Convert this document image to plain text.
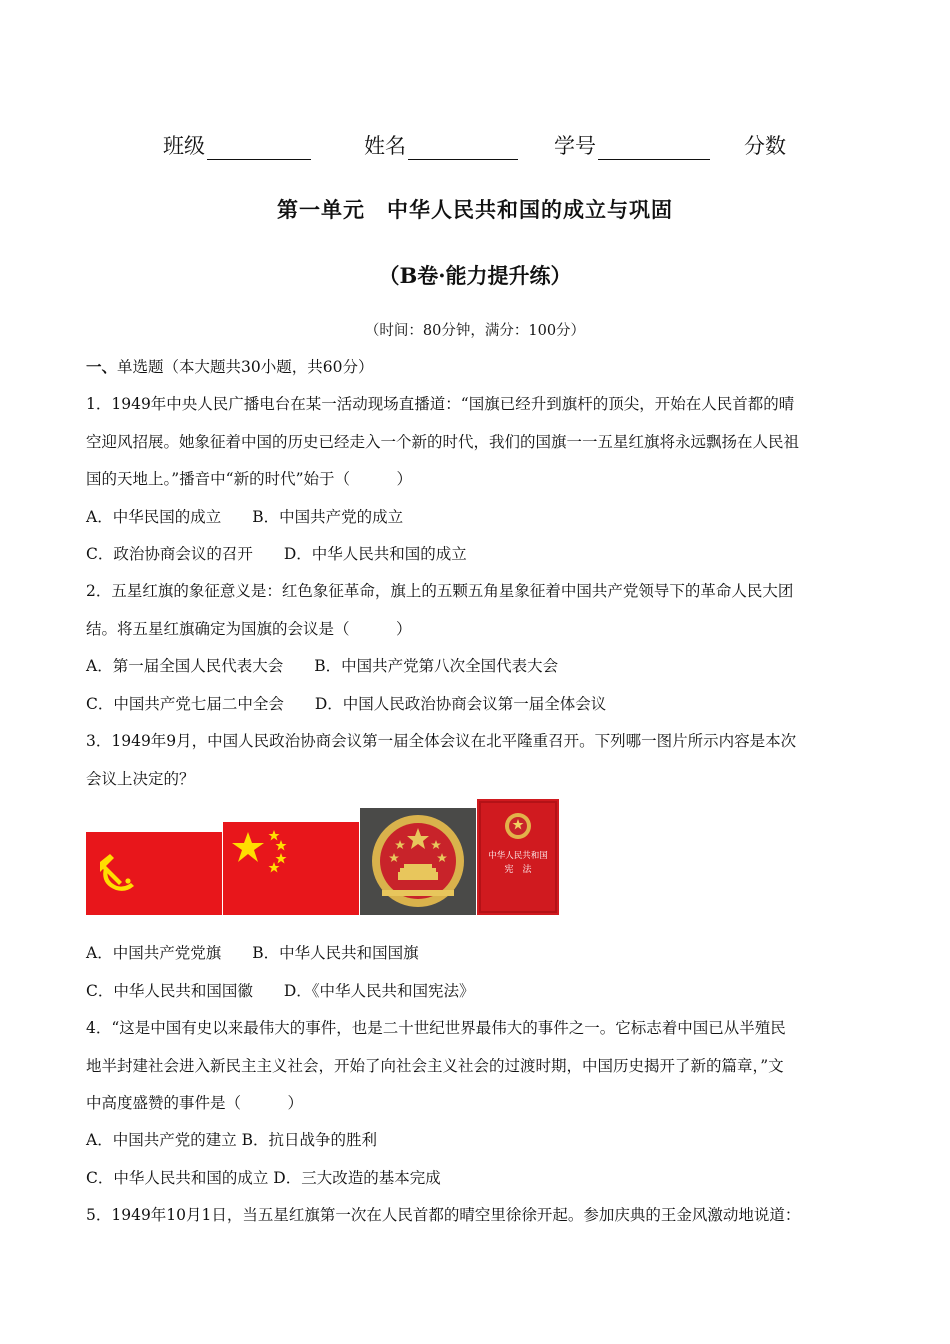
班级	姓名	学号	分数
第一单元　中华人民共和国的成立与巩固
（B卷·能力提升练）
（时间：80分钟，满分：100分）
一、单选题（本大题共30小题，共60分）
1．1949年中央人民广播电台在某一活动现场直播道：“国旗已经升到旗杆的顶尖，开始在人民首都的晴
空迎风招展。她象征着中国的历史已经走入一个新的时代，我们的国旗一一五星红旗将永远飘扬在人民祖
国的天地上。”播音中“新的时代”始于（　　　）
A．中华民国的成立　　B．中国共产党的成立
C．政治协商会议的召开　　D．中华人民共和国的成立
2．五星红旗的象征意义是：红色象征革命，旗上的五颗五角星象征着中国共产党领导下的革命人民大团
结。将五星红旗确定为国旗的会议是（　　　）
A．第一届全国人民代表大会　　B．中国共产党第八次全国代表大会
C．中国共产党七届二中全会　　D．中国人民政治协商会议第一届全体会议
3．1949年9月，中国人民政治协商会议第一届全体会议在北平隆重召开。下列哪一图片所示内容是本次
会议上决定的？
中华人民共和国
宪　法
A．中国共产党党旗　　B．中华人民共和国国旗
C．中华人民共和国国徽　　D．《中华人民共和国宪法》
4．“这是中国有史以来最伟大的事件，也是二十世纪世界最伟大的事件之一。它标志着中国已从半殖民
地半封建社会进入新民主主义社会，开始了向社会主义社会的过渡时期，中国历史揭开了新的篇章，”文
中高度盛赞的事件是（　　　）
A．中国共产党的建立 B．抗日战争的胜利
C．中华人民共和国的成立 D．三大改造的基本完成
5．1949年10月1日，当五星红旗第一次在人民首都的晴空里徐徐开起。参加庆典的王金风激动地说道：
